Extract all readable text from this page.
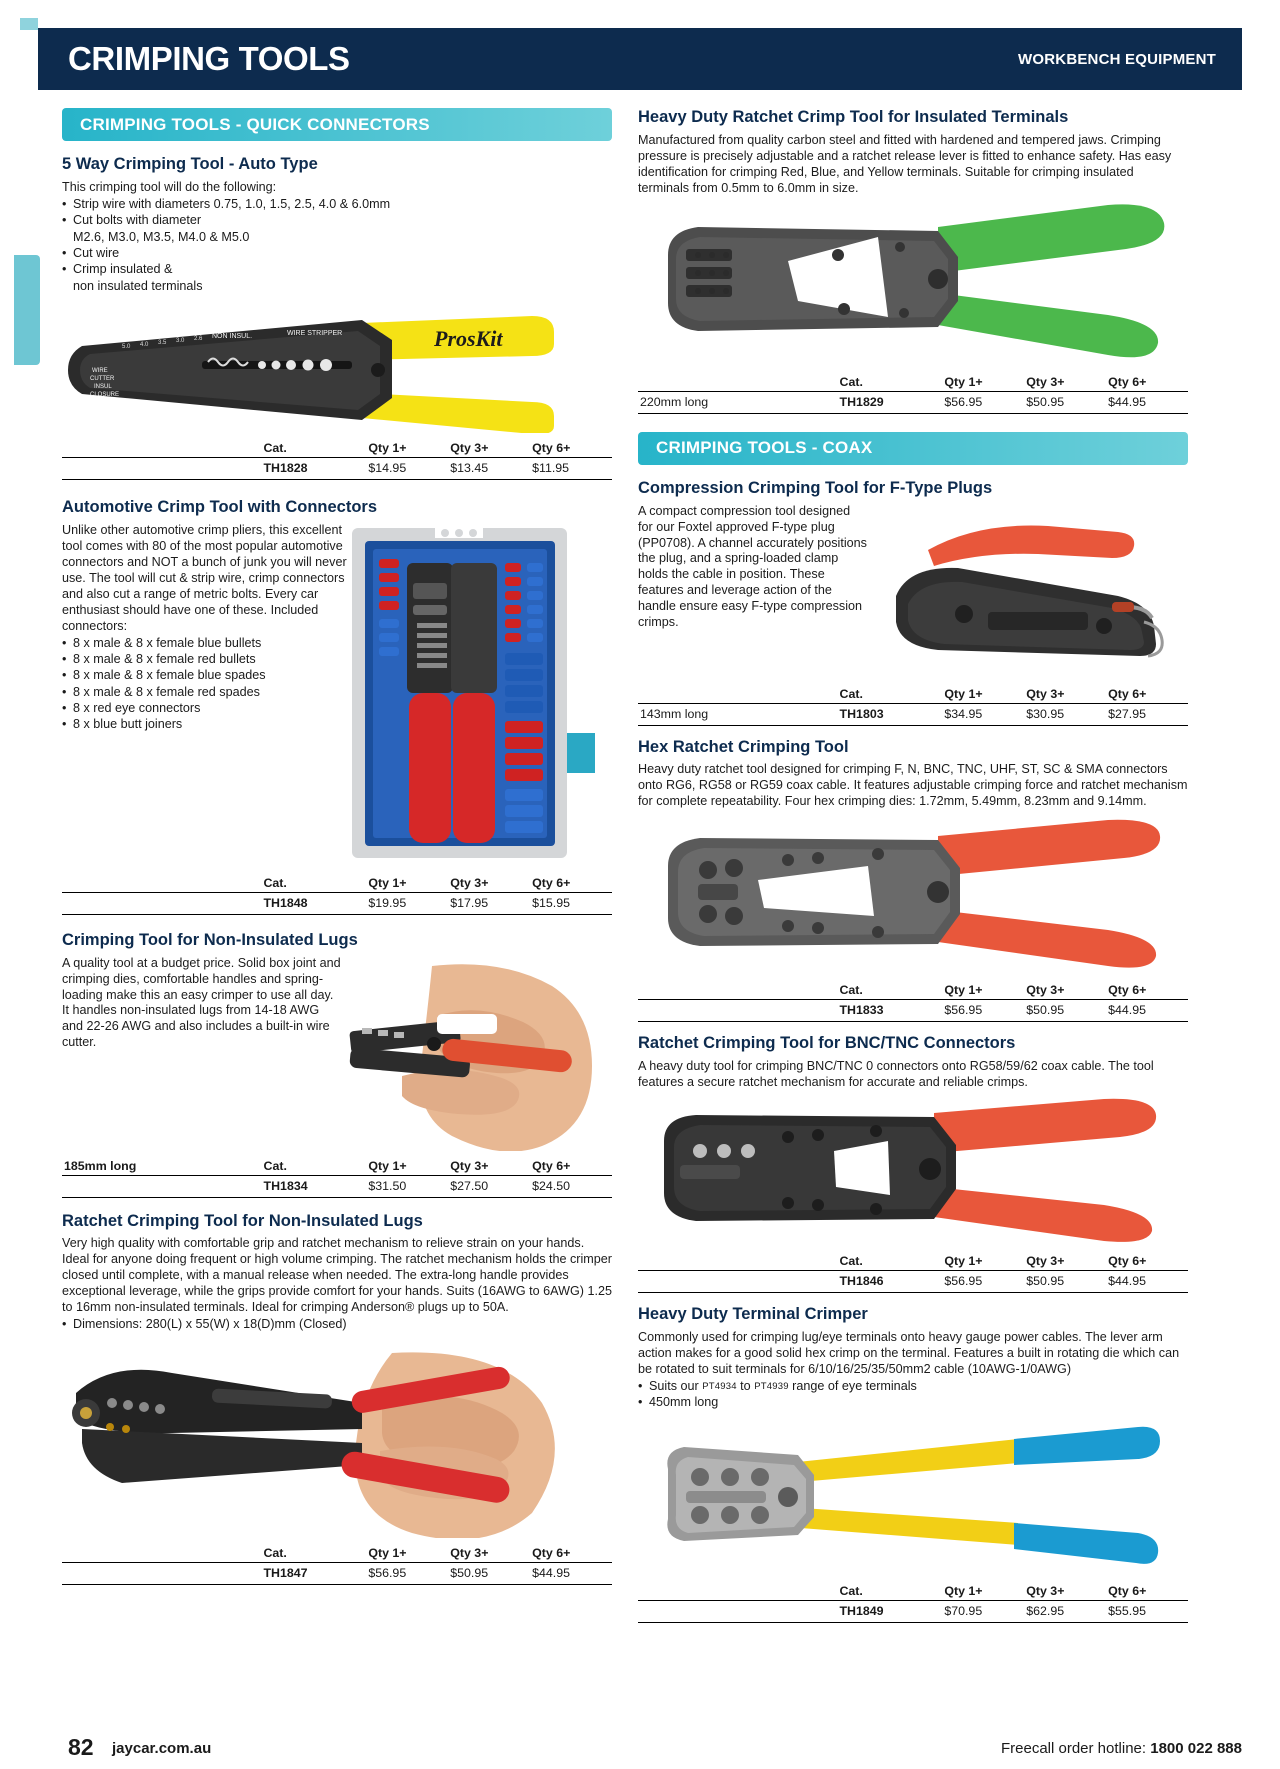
CRIMPING TOOLS	WORKBENCH EQUIPMENT
CRIMPING TOOLS - QUICK CONNECTORS
5 Way Crimping Tool - Auto Type
This crimping tool will do the following:
• Strip wire with diameters 0.75, 1.0, 1.5, 2.5, 4.0 & 6.0mm
• Cut bolts with diameter
M2.6, M3.0, M3.5, M4.0 & M5.0
• Cut wire
• Crimp insulated &
non insulated terminals
NON INSUL.	WIRE STRIPPER
WIRE
CUTTER
INSUL
CLOSURE
5.0 4.0 3.5 3.0 2.6	ProsKit
	Cat.	Qty 1+	Qty 3+	Qty 6+
	TH1828	$14.95	$13.45	$11.95
Automotive Crimp Tool with Connectors
Unlike other automotive crimp pliers, this excellent tool comes with 80 of the most popular automotive connectors and NOT a bunch of junk you will never use. The tool will cut & strip wire, crimp connectors and also cut a range of metric bolts. Every car enthusiast should have one of these. Included connectors:
• 8 x male & 8 x female blue bullets
• 8 x male & 8 x female red bullets
• 8 x male & 8 x female blue spades
• 8 x male & 8 x female red spades
• 8 x red eye connectors
• 8 x blue butt joiners
	Cat.	Qty 1+	Qty 3+	Qty 6+
	TH1848	$19.95	$17.95	$15.95
Crimping Tool for Non-Insulated Lugs
A quality tool at a budget price. Solid box joint and crimping dies, comfortable handles and spring-loading make this an easy crimper to use all day. It handles non-insulated lugs from 14-18 AWG and 22-26 AWG and also includes a built-in wire cutter.
185mm long	Cat.	Qty 1+	Qty 3+	Qty 6+
	TH1834	$31.50	$27.50	$24.50
Ratchet Crimping Tool for Non-Insulated Lugs
Very high quality with comfortable grip and ratchet mechanism to relieve strain on your hands. Ideal for anyone doing frequent or high volume crimping. The ratchet mechanism holds the crimper closed until complete, with a manual release when needed. The extra-long handle provides exceptional leverage, while the grips provide comfort for your hands. Suits (16AWG to 6AWG) 1.25 to 16mm non-insulated terminals. Ideal for crimping Anderson® plugs up to 50A.
• Dimensions: 280(L) x 55(W) x 18(D)mm (Closed)
	Cat.	Qty 1+	Qty 3+	Qty 6+
	TH1847	$56.95	$50.95	$44.95
Heavy Duty Ratchet Crimp Tool for Insulated Terminals
Manufactured from quality carbon steel and fitted with hardened and tempered jaws. Crimping pressure is precisely adjustable and a ratchet release lever is fitted to enhance safety. Has easy identification for crimping Red, Blue, and Yellow terminals. Suitable for crimping insulated terminals from 0.5mm to 6.0mm in size.
	Cat.	Qty 1+	Qty 3+	Qty 6+
220mm long	TH1829	$56.95	$50.95	$44.95
CRIMPING TOOLS - COAX
Compression Crimping Tool for F-Type Plugs
A compact compression tool designed for our Foxtel approved F-type plug (PP0708). A channel accurately positions the plug, and a spring-loaded clamp holds the cable in position. These features and leverage action of the handle ensure easy F-type compression crimps.
	Cat.	Qty 1+	Qty 3+	Qty 6+
143mm long	TH1803	$34.95	$30.95	$27.95
Hex Ratchet Crimping Tool
Heavy duty ratchet tool designed for crimping F, N, BNC, TNC, UHF, ST, SC & SMA connectors onto RG6, RG58 or RG59 coax cable. It features adjustable crimping force and ratchet mechanism for complete repeatability. Four hex crimping dies: 1.72mm, 5.49mm, 8.23mm and 9.14mm.
	Cat.	Qty 1+	Qty 3+	Qty 6+
	TH1833	$56.95	$50.95	$44.95
Ratchet Crimping Tool for BNC/TNC Connectors
A heavy duty tool for crimping BNC/TNC 0 connectors onto RG58/59/62 coax cable. The tool features a secure ratchet mechanism for accurate and reliable crimps.
	Cat.	Qty 1+	Qty 3+	Qty 6+
	TH1846	$56.95	$50.95	$44.95
Heavy Duty Terminal Crimper
Commonly used for crimping lug/eye terminals onto heavy gauge power cables. The lever arm action makes for a good solid hex crimp on the terminal. Features a built in rotating die which can be rotated to suit terminals for 6/10/16/25/35/50mm2 cable (10AWG-1/0AWG)
• Suits our $^{PT4934}$ to $^{PT4939}$ range of eye terminals
• 450mm long
	Cat.	Qty 1+	Qty 3+	Qty 6+
	TH1849	$70.95	$62.95	$55.95
82 jaycar.com.au	Freecall order hotline: 1800 022 888
